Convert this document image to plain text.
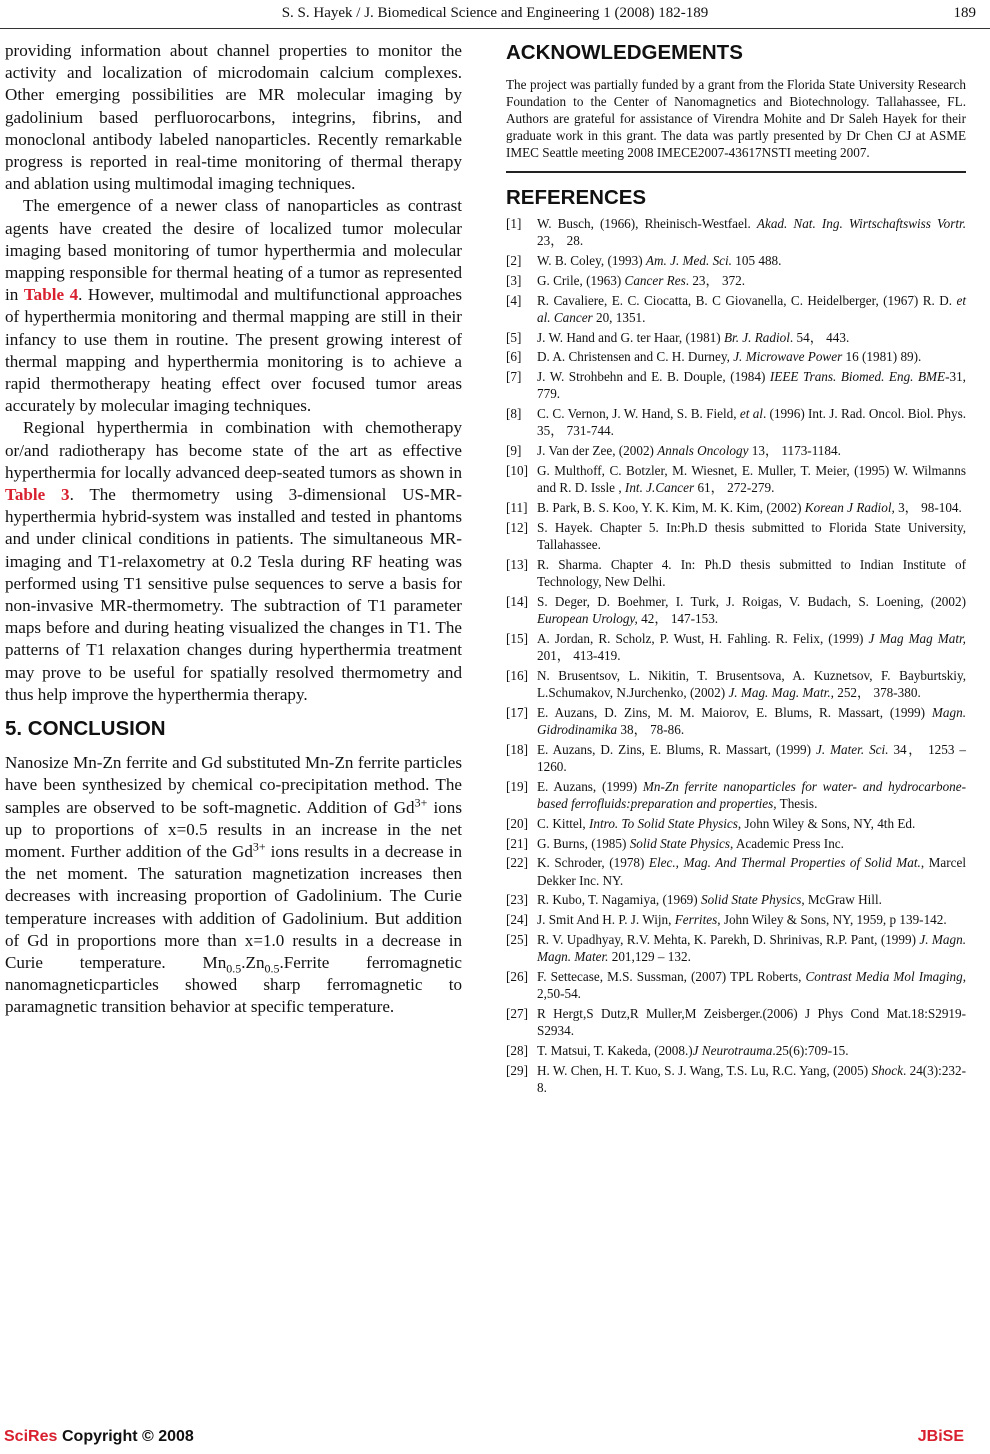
S. S. Hayek / J. Biomedical Science and Engineering 1 (2008) 182-189	189

providing information about channel properties to monitor the activity and localization of microdomain calcium complexes. Other emerging possibilities are MR molecular imaging by gadolinium based perfluorocarbons, integrins, fibrins, and monoclonal antibody labeled nanoparticles. Recently remarkable progress is reported in real-time monitoring of thermal therapy and ablation using multimodal imaging techniques.

The emergence of a newer class of nanoparticles as contrast agents have created the desire of localized tumor molecular imaging based monitoring of tumor hyperthermia and molecular mapping responsible for thermal heating of a tumor as represented in Table 4. However, multimodal and multifunctional approaches of hyperthermia monitoring and thermal mapping are still in their infancy to use them in routine. The present growing interest of thermal mapping and hyperthermia monitoring is to achieve a rapid thermotherapy heating effect over focused tumor areas accurately by molecular imaging techniques.

Regional hyperthermia in combination with chemotherapy or/and radiotherapy has become state of the art as effective hyperthermia for locally advanced deep-seated tumors as shown in Table 3. The thermometry using 3-dimensional US-MR-hyperthermia hybrid-system was installed and tested in phantoms and under clinical conditions in patients. The simultaneous MR-imaging and T1-relaxometry at 0.2 Tesla during RF heating was performed using T1 sensitive pulse sequences to serve a basis for non-invasive MR-thermometry. The subtraction of T1 parameter maps before and during heating visualized the changes in T1. The patterns of T1 relaxation changes during hyperthermia treatment may prove to be useful for spatially resolved thermometry and thus help improve the hyperthermia therapy.

5. CONCLUSION

Nanosize Mn-Zn ferrite and Gd substituted Mn-Zn ferrite particles have been synthesized by chemical co-precipitation method. The samples are observed to be soft-magnetic. Addition of $Gd^{3+}$ ions up to proportions of x=0.5 results in an increase in the net moment. Further addition of the $Gd^{3+}$ ions results in a decrease in the net moment. The saturation magnetization increases then decreases with increasing proportion of Gadolinium. The Curie temperature increases with addition of Gadolinium. But addition of Gd in proportions more than x=1.0 results in a decrease in Curie temperature. $Mn_{0.5}.Zn_{0.5}.Ferrite$ ferromagnetic nanomagneticparticles showed sharp ferromagnetic to paramagnetic transition behavior at specific temperature.

ACKNOWLEDGEMENTS

The project was partially funded by a grant from the Florida State University Research Foundation to the Center of Nanomagnetics and Biotechnology. Tallahassee, FL. Authors are grateful for assistance of Virendra Mohite and Dr Saleh Hayek for their graduate work in this grant. The data was partly presented by Dr Chen CJ at ASME IMEC Seattle meeting 2008 IMECE2007-43617NSTI meeting 2007.

REFERENCES
[1] W. Busch, (1966), Rheinisch-Westfael. Akad. Nat. Ing. Wirtschaftswiss Vortr. 23， 28.
[2] W. B. Coley, (1993) Am. J. Med. Sci. 105 488.
[3] G. Crile, (1963) Cancer Res. 23， 372.
[4] R. Cavaliere, E. C. Ciocatta, B. C Giovanella, C. Heidelberger, (1967) R. D. et al. Cancer 20, 1351.
[5] J. W. Hand and G. ter Haar, (1981) Br. J. Radiol. 54， 443.
[6] D. A. Christensen and C. H. Durney, J. Microwave Power 16 (1981) 89).
[7] J. W. Strohbehn and E. B. Douple, (1984) IEEE Trans. Biomed. Eng. BME-31, 779.
[8] C. C. Vernon, J. W. Hand, S. B. Field, et al. (1996) Int. J. Rad. Oncol. Biol. Phys. 35， 731-744.
[9] J. Van der Zee, (2002) Annals Oncology 13， 1173-1184.
[10] G. Multhoff, C. Botzler, M. Wiesnet, E. Muller, T. Meier, (1995) W. Wilmanns and R. D. Issle , Int. J.Cancer 61， 272-279.
[11] B. Park, B. S. Koo, Y. K. Kim, M. K. Kim, (2002) Korean J Radiol, 3， 98-104.
[12] S. Hayek. Chapter 5. In:Ph.D thesis submitted to Florida State University, Tallahassee.
[13] R. Sharma. Chapter 4. In: Ph.D thesis submitted to Indian Institute of Technology, New Delhi.
[14] S. Deger, D. Boehmer, I. Turk, J. Roigas, V. Budach, S. Loening, (2002) European Urology, 42， 147-153.
[15] A. Jordan, R. Scholz, P. Wust, H. Fahling. R. Felix, (1999) J Mag Mag Matr, 201， 413-419.
[16] N. Brusentsov, L. Nikitin, T. Brusentsova, A. Kuznetsov, F. Bayburtskiy, L.Schumakov, N.Jurchenko, (2002) J. Mag. Mag. Matr., 252， 378-380.
[17] E. Auzans, D. Zins, M. M. Maiorov, E. Blums, R. Massart, (1999) Magn. Gidrodinamika 38， 78-86.
[18] E. Auzans, D. Zins, E. Blums, R. Massart, (1999) J. Mater. Sci. 34， 1253 – 1260.
[19] E. Auzans, (1999) Mn-Zn ferrite nanoparticles for water- and hydrocarbone-based ferrofluids:preparation and properties, Thesis.
[20] C. Kittel, Intro. To Solid State Physics, John Wiley & Sons, NY, 4th Ed.
[21] G. Burns, (1985) Solid State Physics, Academic Press Inc.
[22] K. Schroder, (1978) Elec., Mag. And Thermal Properties of Solid Mat., Marcel Dekker Inc. NY.
[23] R. Kubo, T. Nagamiya, (1969) Solid State Physics, McGraw Hill.
[24] J. Smit And H. P. J. Wijn, Ferrites, John Wiley & Sons, NY, 1959, p 139-142.
[25] R. V. Upadhyay, R.V. Mehta, K. Parekh, D. Shrinivas, R.P. Pant, (1999) J. Magn. Magn. Mater. 201,129 – 132.
[26] F. Settecase, M.S. Sussman, (2007) TPL Roberts, Contrast Media Mol Imaging, 2,50-54.
[27] R Hergt,S Dutz,R Muller,M Zeisberger.(2006) J Phys Cond Mat.18:S2919-S2934.
[28] T. Matsui, T. Kakeda, (2008.)J Neurotrauma.25(6):709-15.
[29] H. W. Chen, H. T. Kuo, S. J. Wang, T.S. Lu, R.C. Yang, (2005) Shock. 24(3):232-8.
SciRes Copyright © 2008	JBiSE
